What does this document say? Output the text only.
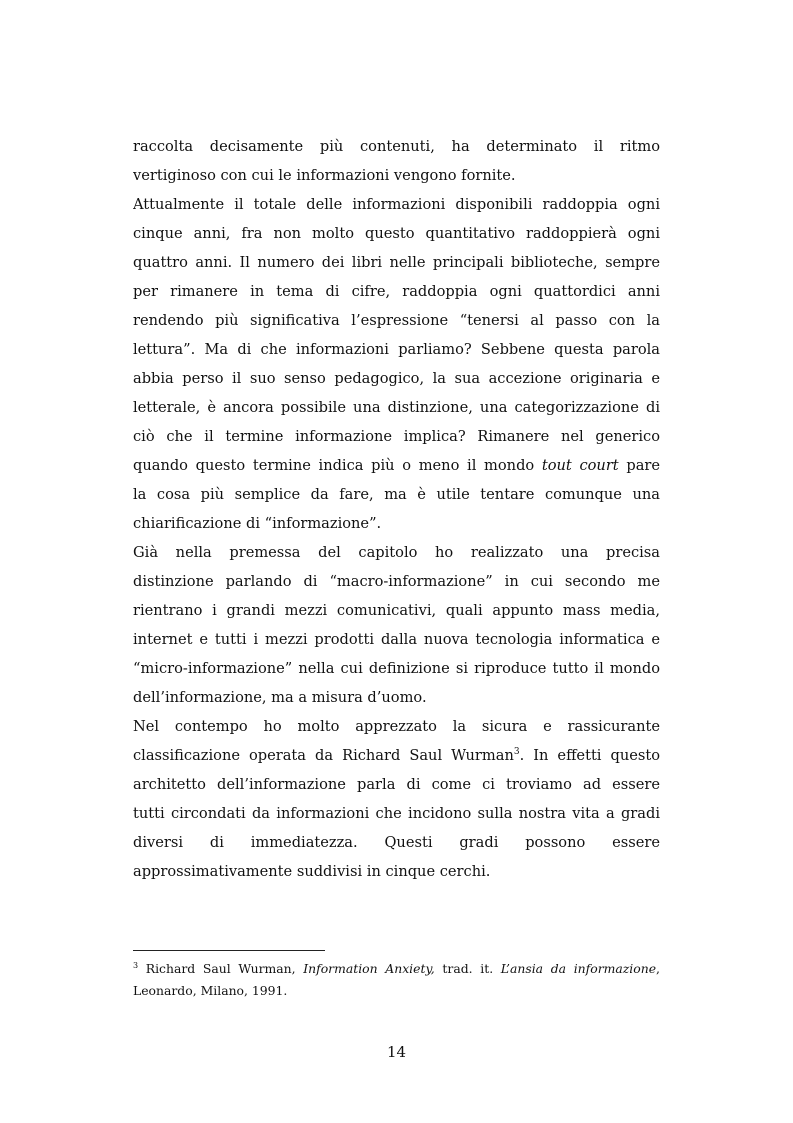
raccolta decisamente più contenuti, ha determinato il ritmo
vertiginoso con cui le informazioni vengono fornite.
Attualmente il totale delle informazioni disponibili raddoppia ogni
cinque anni, fra non molto questo quantitativo raddoppierà ogni
quattro anni. Il numero dei libri nelle principali biblioteche, sempre
per rimanere in tema di cifre, raddoppia ogni quattordici anni
rendendo più significativa l’espressione “tenersi al passo con la
lettura”. Ma di che informazioni parliamo? Sebbene questa parola
abbia perso il suo senso pedagogico, la sua accezione originaria e
letterale, è ancora possibile una distinzione, una categorizzazione di
ciò che il termine informazione implica? Rimanere nel generico
quando questo termine indica più o meno il mondo tout court pare
la cosa più semplice da fare, ma è utile tentare comunque una
chiarificazione di “informazione”.
Già nella premessa del capitolo ho realizzato una precisa
distinzione parlando di “macro-informazione” in cui secondo me
rientrano i grandi mezzi comunicativi, quali appunto mass media,
internet e tutti i mezzi prodotti dalla nuova tecnologia informatica e
“micro-informazione” nella cui definizione si riproduce tutto il mondo
dell’informazione, ma a misura d’uomo.
Nel contempo ho molto apprezzato la sicura e rassicurante
classificazione operata da Richard Saul Wurman$^3$. In effetti questo
architetto dell’informazione parla di come ci troviamo ad essere
tutti circondati da informazioni che incidono sulla nostra vita a gradi
diversi di immediatezza. Questi gradi possono essere
approssimativamente suddivisi in cinque cerchi.
$^3$ Richard Saul Wurman, Information Anxiety, trad. it. L’ansia da informazione,
Leonardo, Milano, 1991.
14
